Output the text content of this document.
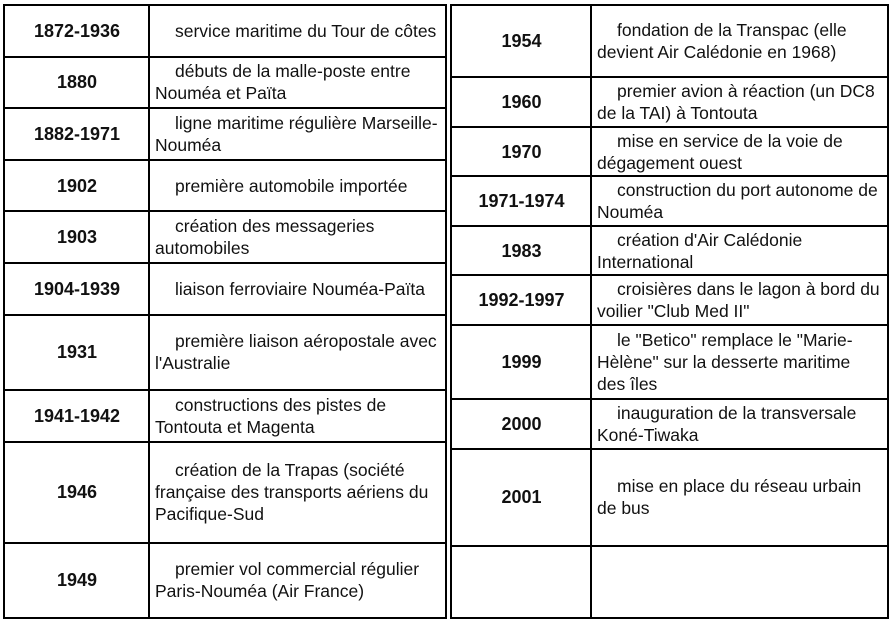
1872-1936	service maritime du Tour de côtes
1880	débuts de la malle-poste entre Nouméa et Païta
1882-1971	ligne maritime régulière Marseille-Nouméa
1902	première automobile importée
1903	création des messageries automobiles
1904-1939	liaison ferroviaire Nouméa-Païta
1931	première liaison aéropostale avec l'Australie
1941-1942	constructions des pistes de Tontouta et Magenta
1946	création de la Trapas (société française des transports aériens du Pacifique-Sud
1949	premier vol commercial régulier Paris-Nouméa (Air France)
1954	fondation de la Transpac (elle devient Air Calédonie en 1968)
1960	premier avion à réaction (un DC8 de la TAI) à Tontouta
1970	mise en service de la voie de dégagement ouest
1971-1974	construction du port autonome de Nouméa
1983	création d'Air Calédonie International
1992-1997	croisières dans le lagon à bord du voilier "Club Med II"
1999	le "Betico" remplace le "Marie-Hèlène" sur la desserte maritime des îles
2000	inauguration de la transversale Koné-Tiwaka
2001	mise en place du réseau urbain de bus
